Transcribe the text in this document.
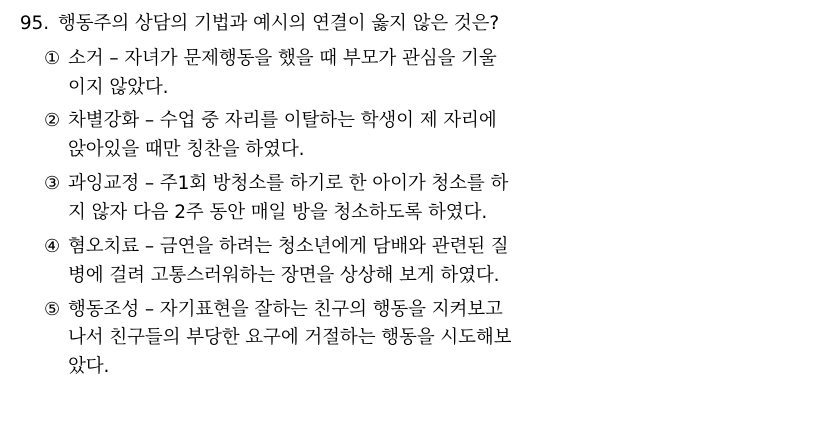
95. 행동주의 상담의 기법과 예시의 연결이 옳지 않은 것은?
① 소거 – 자녀가 문제행동을 했을 때 부모가 관심을 기울
이지 않았다.
② 차별강화 – 수업 중 자리를 이탈하는 학생이 제 자리에
앉아있을 때만 칭찬을 하였다.
③ 과잉교정 – 주1회 방청소를 하기로 한 아이가 청소를 하
지 않자 다음 2주 동안 매일 방을 청소하도록 하였다.
④ 혐오치료 – 금연을 하려는 청소년에게 담배와 관련된 질
병에 걸려 고통스러워하는 장면을 상상해 보게 하였다.
⑤ 행동조성 – 자기표현을 잘하는 친구의 행동을 지켜보고
나서 친구들의 부당한 요구에 거절하는 행동을 시도해보
았다.
